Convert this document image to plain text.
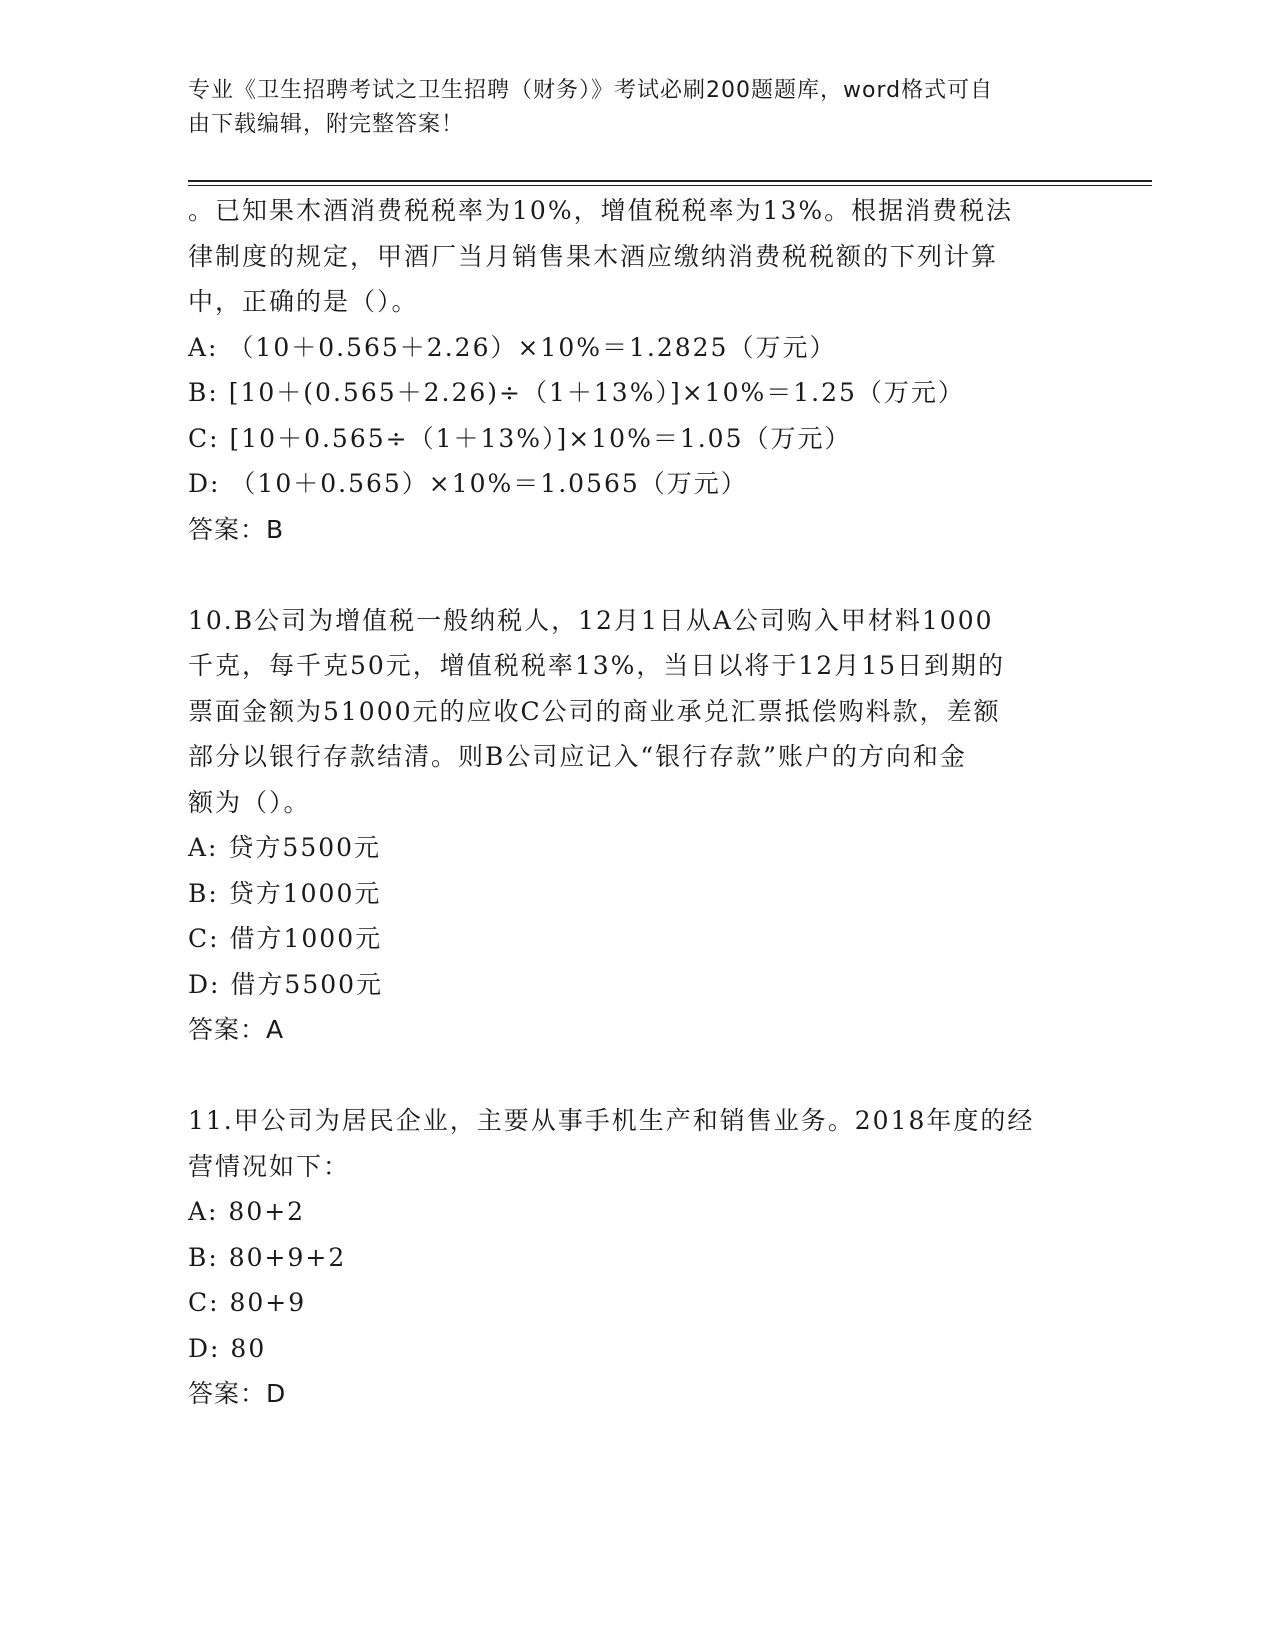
专业《卫生招聘考试之卫生招聘（财务）》考试必刷200题题库，word格式可自
由下载编辑，附完整答案！
。已知果木酒消费税税率为10%，增值税税率为13%。根据消费税法
律制度的规定，甲酒厂当月销售果木酒应缴纳消费税税额的下列计算
中，正确的是（）。
A: （10＋0.565＋2.26）×10%＝1.2825（万元）
B: [10＋(0.565＋2.26)÷（1＋13%）]×10%＝1.25（万元）
C: [10＋0.565÷（1＋13%）]×10%＝1.05（万元）
D: （10＋0.565）×10%＝1.0565（万元）
答案：B
10.B公司为增值税一般纳税人，12月1日从A公司购入甲材料1000
千克，每千克50元，增值税税率13%，当日以将于12月15日到期的
票面金额为51000元的应收C公司的商业承兑汇票抵偿购料款，差额
部分以银行存款结清。则B公司应记入“银行存款”账户的方向和金
额为（）。
A: 贷方5500元
B: 贷方1000元
C: 借方1000元
D: 借方5500元
答案：A
11.甲公司为居民企业，主要从事手机生产和销售业务。2018年度的经
营情况如下：
A: 80+2
B: 80+9+2
C: 80+9
D: 80
答案：D
